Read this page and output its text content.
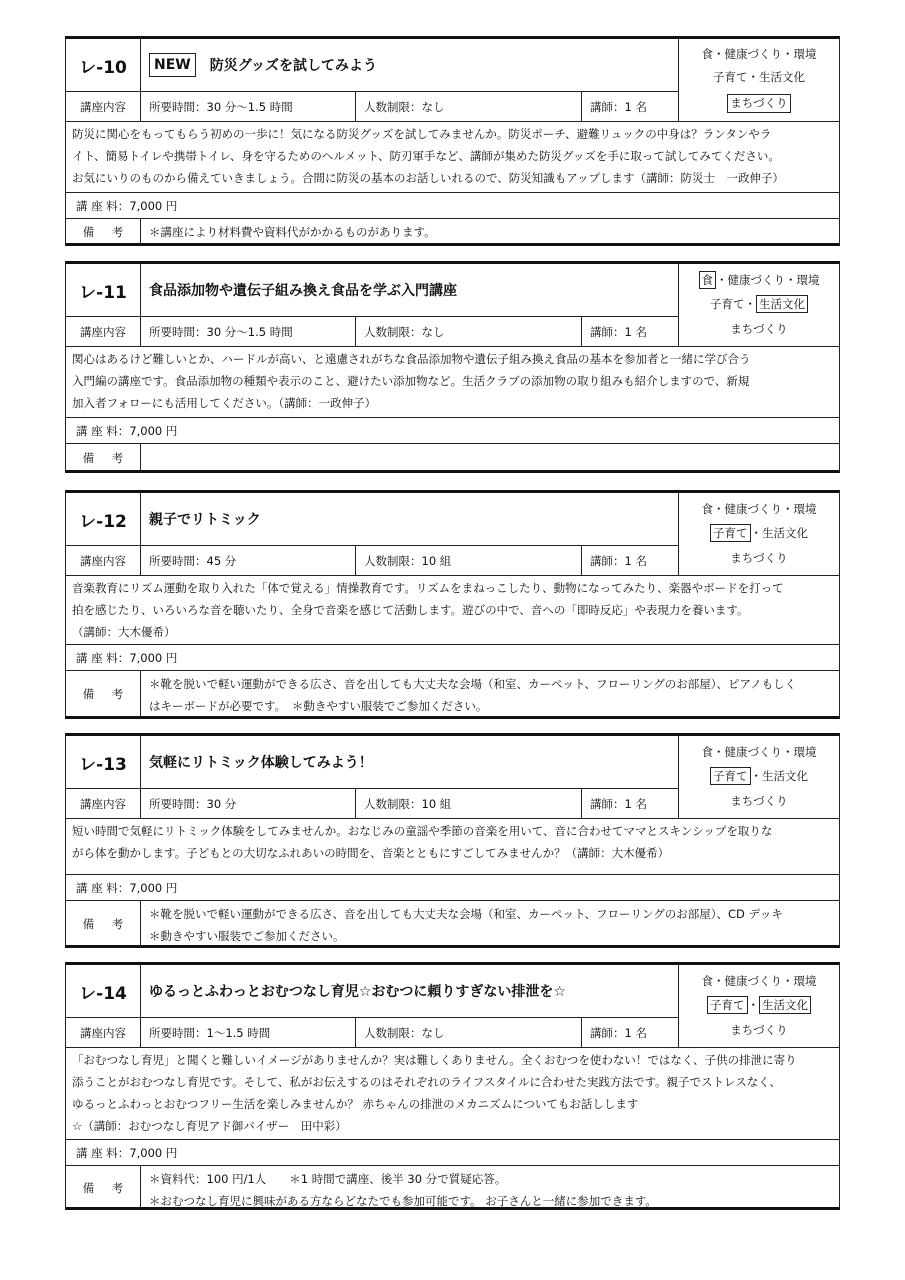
レ-10	NEW	防災グッズを試してみよう
講座内容	所要時間：30 分～1.5 時間	人数制限：なし	講師：1 名
食・健康づくり・環境
子育て・生活文化
まちづくり
防災に関心をもってもらう初めの一歩に！気になる防災グッズを試してみませんか。防災ポーチ、避難リュックの中身は？ランタンやラ
イト、簡易トイレや携帯トイレ、身を守るためのヘルメット、防刃軍手など、講師が集めた防災グッズを手に取って試してみてください。
お気にいりのものから備えていきましょう。合間に防災の基本のお話しいれるので、防災知識もアップします（講師：防災士　一政伸子）
講 座 料： 7,000 円
備 考 ＊講座により材料費や資料代がかかるものがあります。
レ-11	食品添加物や遺伝子組み換え食品を学ぶ入門講座
講座内容	所要時間：30 分～1.5 時間	人数制限：なし	講師：1 名
食 ・健康づくり・環境
子育て・ 生活文化
まちづくり
関心はあるけど難しいとか、ハードルが高い、と遠慮されがちな食品添加物や遺伝子組み換え食品の基本を参加者と一緒に学び合う
入門編の講座です。食品添加物の種類や表示のこと、避けたい添加物など。生活クラブの添加物の取り組みも紹介しますので、新規
加入者フォローにも活用してください。（講師：一政伸子）
講 座 料： 7,000 円
備 考
レ-12	親子でリトミック
講座内容	所要時間：45 分	人数制限：10 組	講師：1 名
食・健康づくり・環境
子育て ・生活文化
まちづくり
音楽教育にリズム運動を取り入れた「体で覚える」情操教育です。リズムをまねっこしたり、動物になってみたり、楽器やボードを打って
拍を感じたり、いろいろな音を聴いたり、全身で音楽を感じて活動します。遊びの中で、音への「即時反応」や表現力を養います。
（講師：大木優希）
講 座 料： 7,000 円
備 考
＊靴を脱いで軽い運動ができる広さ、音を出しても大丈夫な会場（和室、カーペット、フローリングのお部屋）、ピアノもしく
はキーボードが必要です。　＊動きやすい服装でご参加ください。
レ-13	気軽にリトミック体験してみよう！
講座内容	所要時間：30 分	人数制限：10 組	講師：1 名
食・健康づくり・環境
子育て ・生活文化
まちづくり
短い時間で気軽にリトミック体験をしてみませんか。おなじみの童謡や季節の音楽を用いて、音に合わせてママとスキンシップを取りな
がら体を動かします。子どもとの大切なふれあいの時間を、音楽とともにすごしてみませんか？（講師：大木優希）
講 座 料： 7,000 円
備 考
＊靴を脱いで軽い運動ができる広さ、音を出しても大丈夫な会場（和室、カーペット、フローリングのお部屋）、CD デッキ
＊動きやすい服装でご参加ください。
レ-14	ゆるっとふわっとおむつなし育児☆おむつに頼りすぎない排泄を☆
講座内容	所要時間：1～1.5 時間	人数制限：なし	講師：1 名
食・健康づくり・環境
子育て ・ 生活文化
まちづくり
「おむつなし育児」と聞くと難しいイメージがありませんか？実は難しくありません。全くおむつを使わない！ではなく、子供の排泄に寄り
添うことがおむつなし育児です。そして、私がお伝えするのはそれぞれのライフスタイルに合わせた実践方法です。親子でストレスなく、
ゆるっとふわっとおむつフリー生活を楽しみませんか？ 赤ちゃんの排泄のメカニズムについてもお話しします
☆（講師：おむつなし育児アド御バイザー　田中彩）
講 座 料： 7,000 円
備 考
＊資料代：100 円/1人　　＊1 時間で講座、後半 30 分で質疑応答。
＊おむつなし育児に興味がある方ならどなたでも参加可能です。 お子さんと一緒に参加できます。
